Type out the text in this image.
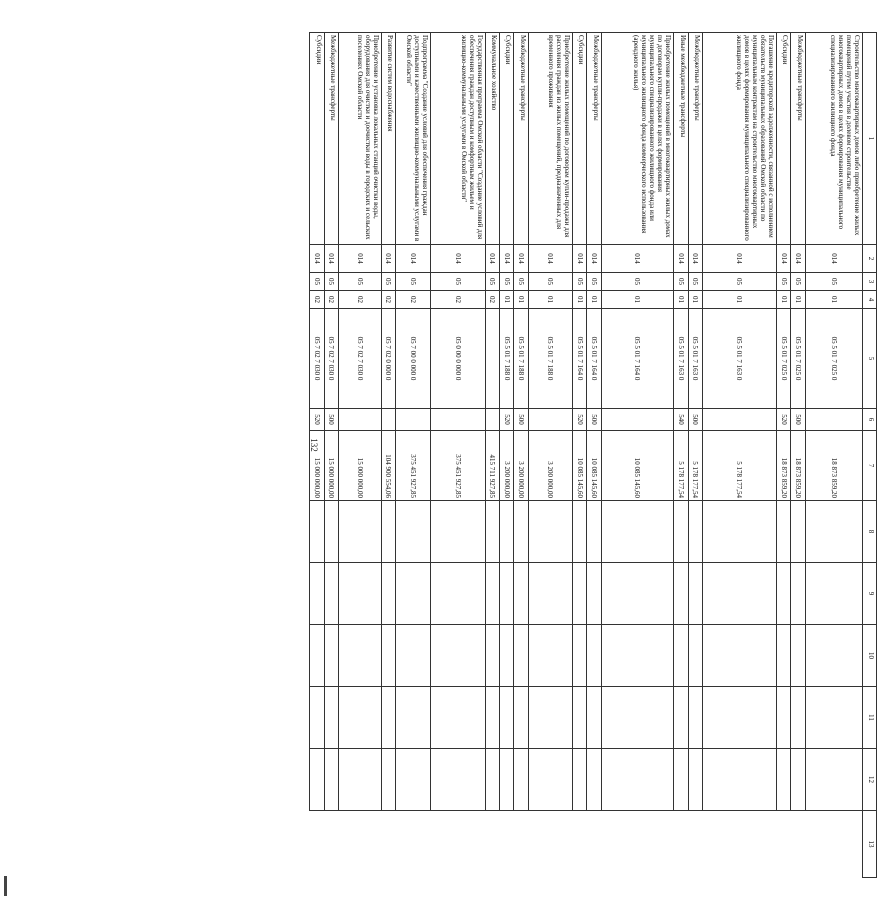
132
1	2	3	4	5	6	7	8	9	10	11	12	13
Строительство многоквартирных домов либо приобретение жилых помещений путем участия в долевом строительстве многоквартирных домов в целях формирования муниципального специализированного жилищного фонда	014	05	01	05 5 01 7 025 0		18 873 859,20						
Межбюджетные трансферты	014	05	01	05 5 01 7 025 0	500	18 873 859,20						
Субсидии	014	05	01	05 5 01 7 025 0	520	18 873 859,20						
Погашение кредиторской задолженности, связанной с исполнением обязательств муниципальных образований Омской области по муниципальным контрактам на строительство многоквартирных домов в целях формирования муниципального специализированного жилищного фонда	014	05	01	05 5 01 7 163 0		5 178 177,54						
Межбюджетные трансферты	014	05	01	05 5 01 7 163 0	500	5 178 177,54						
Иные межбюджетные трансферты	014	05	01	05 5 01 7 163 0	540	5 178 177,54						
Приобретение жилых помещений в многоквартирных жилых домах по договорам купли-продажи в целях формирования муниципального специализированного жилищного фонда или муниципального жилищного фонда коммерческого использования (арендного жилья)	014	05	01	05 5 01 7 164 0		10 085 145,60						
Межбюджетные трансферты	014	05	01	05 5 01 7 164 0	500	10 085 145,60						
Субсидии	014	05	01	05 5 01 7 164 0	520	10 085 145,60						
Приобретение жилых помещений по договорам купли-продажи для расселения граждан из жилых помещений, предназначенных для временного проживания	014	05	01	05 5 01 7 188 0		3 200 000,00						
Межбюджетные трансферты	014	05	01	05 5 01 7 188 0	500	3 200 000,00						
Субсидии	014	05	01	05 5 01 7 188 0	520	3 200 000,00						
Коммунальное хозяйство	014	05	02			415 711 927,85						
Государственная программа Омской области "Создание условий для обеспечения граждан доступным и комфортным жильем и жилищно-коммунальными услугами в Омской области"	014	05	02	05 0 00 0 000 0		375 451 927,85						
Подпрограмма "Создание условий для обеспечения граждан доступными и качественными жилищно-коммунальными услугами в Омской области"	014	05	02	05 7 00 0 000 0		375 451 927,85						
Развитие систем водоснабжения	014	05	02	05 7 02 0 000 0		104 900 554,06						
Приобретение и установка локальных станций очистки воды, оборудования для очистки и доочистки воды в городских и сельских поселениях Омской области	014	05	02	05 7 02 7 030 0		15 000 000,00						
Межбюджетные трансферты	014	05	02	05 7 02 7 030 0	500	15 000 000,00						
Субсидии	014	05	02	05 7 02 7 030 0	520	15 000 000,00						
